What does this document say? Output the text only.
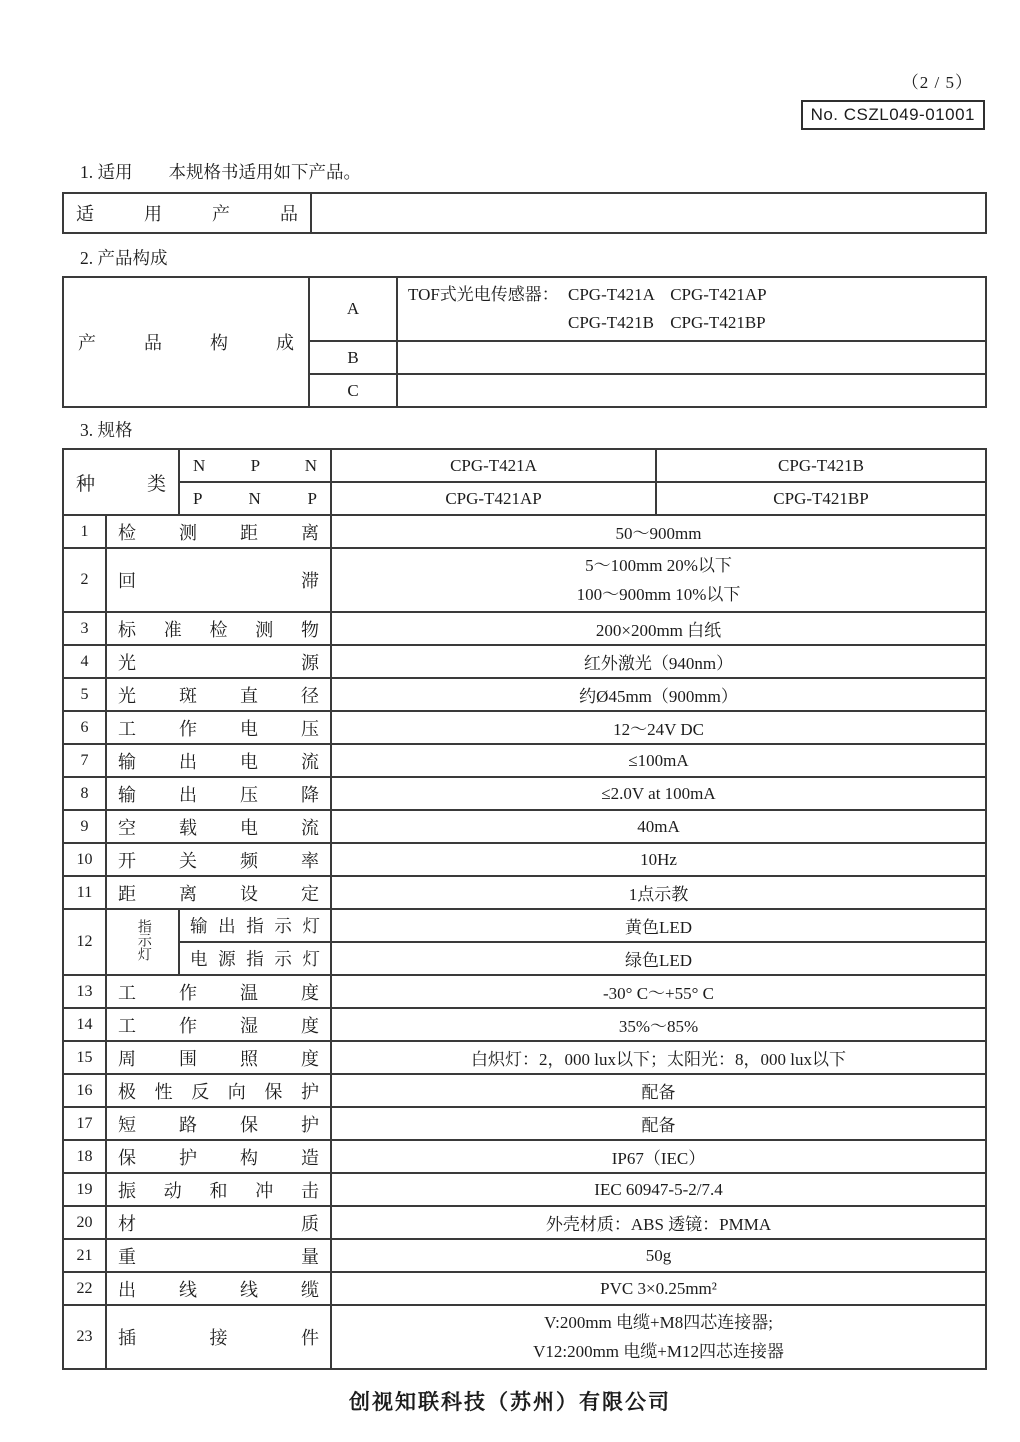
（2 / 5）
No. CSZL049-01001
1. 适用 本规格书适用如下产品。
适 用 产 品	
2. 产品构成
产 品 构 成	A	TOF式光电传感器： CPG-T421A CPG-T421AP
CPG-T421B CPG-T421BP

	B	
	C	
3. 规格
种 类		N P N	CPG-T421A	CPG-T421B
		P N P	CPG-T421AP	CPG-T421BP
1	检 测 距 离		50～900mm	
2	回 滞		5～100mm 20%以下
100～900mm 10%以下	

3	标 准 检 测 物		200×200mm 白纸	
4	光 源		红外激光（940nm）	
5	光 斑 直 径		约Ø45mm（900mm）	
6	工 作 电 压		12～24V DC	
7	输 出 电 流		≤100mA	
8	输 出 压 降		≤2.0V at 100mA	
9	空 载 电 流		40mA	
10	开 关 频 率		10Hz	
11	距 离 设 定		1点示教	
12	指示灯	输 出 指 示 灯	黄色LED	
		电 源 指 示 灯	绿色LED	
13	工 作 温 度		-30° C～+55° C	
14	工 作 湿 度		35%～85%	
15	周 围 照 度		白炽灯：2，000 lux以下；太阳光：8，000 lux以下	
16	极 性 反 向 保 护		配备	
17	短 路 保 护		配备	
18	保 护 构 造		IP67（IEC）	
19	振 动 和 冲 击		IEC 60947-5-2/7.4	
20	材 质		外壳材质：ABS 透镜：PMMA	
21	重 量		50g	
22	出 线 线 缆		PVC 3×0.25mm²	
23	插 接 件		V:200mm 电缆+M8四芯连接器;
V12:200mm 电缆+M12四芯连接器	
创视知联科技（苏州）有限公司
